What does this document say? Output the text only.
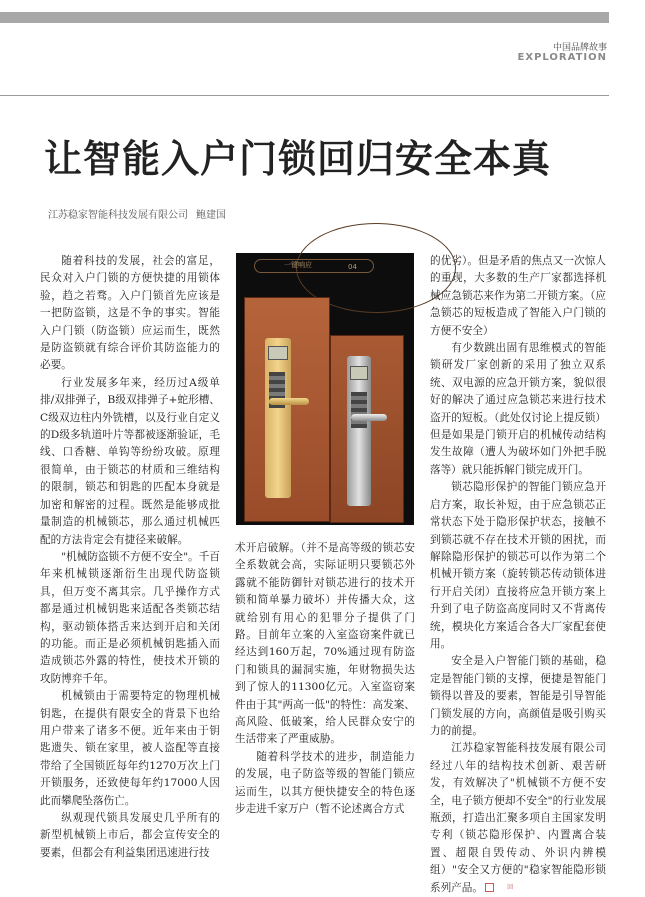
中国品牌故事
EXPLORATION
让智能入户门锁回归安全本真
江苏稳家智能科技发展有限公司 鲍建国

随着科技的发展，社会的富足，民众对入户门锁的方便快捷的用锁体验，趋之若骛。入户门锁首先应该是一把防盗锁，这是不争的事实。智能入户门锁（防盗锁）应运而生，既然是防盗锁就有综合评价其防盗能力的必要。

行业发展多年来，经历过A级单排/双排弹子，B级双排弹子+蛇形槽、C级双边柱内外铣槽，以及行业自定义的D级多轨道叶片等都被逐渐验证，毛线、口香糖、单钩等纷纷攻破。原理很简单，由于锁芯的材质和三维结构的限制，锁芯和钥匙的匹配本身就是加密和解密的过程。既然是能够成批量制造的机械锁芯，那么通过机械匹配的方法肯定会有捷径来破解。

"机械防盗锁不方便不安全"。千百年来机械锁逐渐衍生出现代防盗锁具，但万变不离其宗。几乎操作方式都是通过机械钥匙来适配各类锁芯结构，驱动锁体搭舌来达到开启和关闭的功能。而正是必须机械钥匙插入而造成锁芯外露的特性，使技术开锁的攻防博弈千年。

机械锁由于需要特定的物理机械钥匙，在提供有限安全的背景下也给用户带来了诸多不便。近年来由于钥匙遗失、锁在家里，被人盗配等直接带给了全国锁匠每年约1270万次上门开锁服务，还致使每年约17000人因此而攀爬坠落伤亡。

纵观现代锁具发展史几乎所有的新型机械锁上市后，都会宣传安全的要素，但都会有利益集团迅速进行技

一键响应	04

术开启破解。（并不是高等级的锁芯安全系数就会高，实际证明只要锁芯外露就不能防御针对锁芯进行的技术开锁和简单暴力破坏）并传播大众，这就给别有用心的犯罪分子提供了门路。目前年立案的入室盗窃案件就已经达到160万起，70%通过现有防盗门和锁具的漏洞实施，年财物损失达到了惊人的11300亿元。入室盗窃案件由于其"两高一低"的特性：高发案、高风险、低破案，给人民群众安宁的生活带来了严重威胁。

随着科学技术的进步，制造能力的发展，电子防盗等级的智能门锁应运而生，以其方便快捷安全的特色逐步走进千家万户（暂不论述离合方式

的优劣）。但是矛盾的焦点又一次惊人的重现，大多数的生产厂家都选择机械应急锁芯来作为第二开锁方案。（应急锁芯的短板造成了智能入户门锁的方便不安全）

有少数跳出固有思维模式的智能锁研发厂家创新的采用了独立双系统、双电源的应急开锁方案，貌似很好的解决了通过应急锁芯来进行技术盗开的短板。（此处仅讨论上提反锁）但是如果是门锁开启的机械传动结构发生故障（遭人为破坏如门外把手脱落等）就只能拆解门锁完成开门。

锁芯隐形保护的智能门锁应急开启方案，取长补短，由于应急锁芯正常状态下处于隐形保护状态，接触不到锁芯就不存在技术开锁的困扰，而解除隐形保护的锁芯可以作为第二个机械开锁方案（旋转锁芯传动锁体进行开启关闭）直接将应急开锁方案上升到了电子防盗高度同时又不背离传统，模块化方案适合各大厂家配套使用。

安全是入户智能门锁的基础，稳定是智能门锁的支撑，便捷是智能门锁得以普及的要素，智能是引导智能门锁发展的方向，高颜值是吸引购买力的前提。

江苏稳家智能科技发展有限公司经过八年的结构技术创新、艰苦研发，有效解决了"机械锁不方便不安全，电子锁方便却不安全"的行业发展瓶颈，打造出汇聚多项自主国家发明专利（锁芯隐形保护、内置离合装置、超限自毁传动、外识内辨模组）"安全又方便的"稳家智能隐形锁系列产品。	回
